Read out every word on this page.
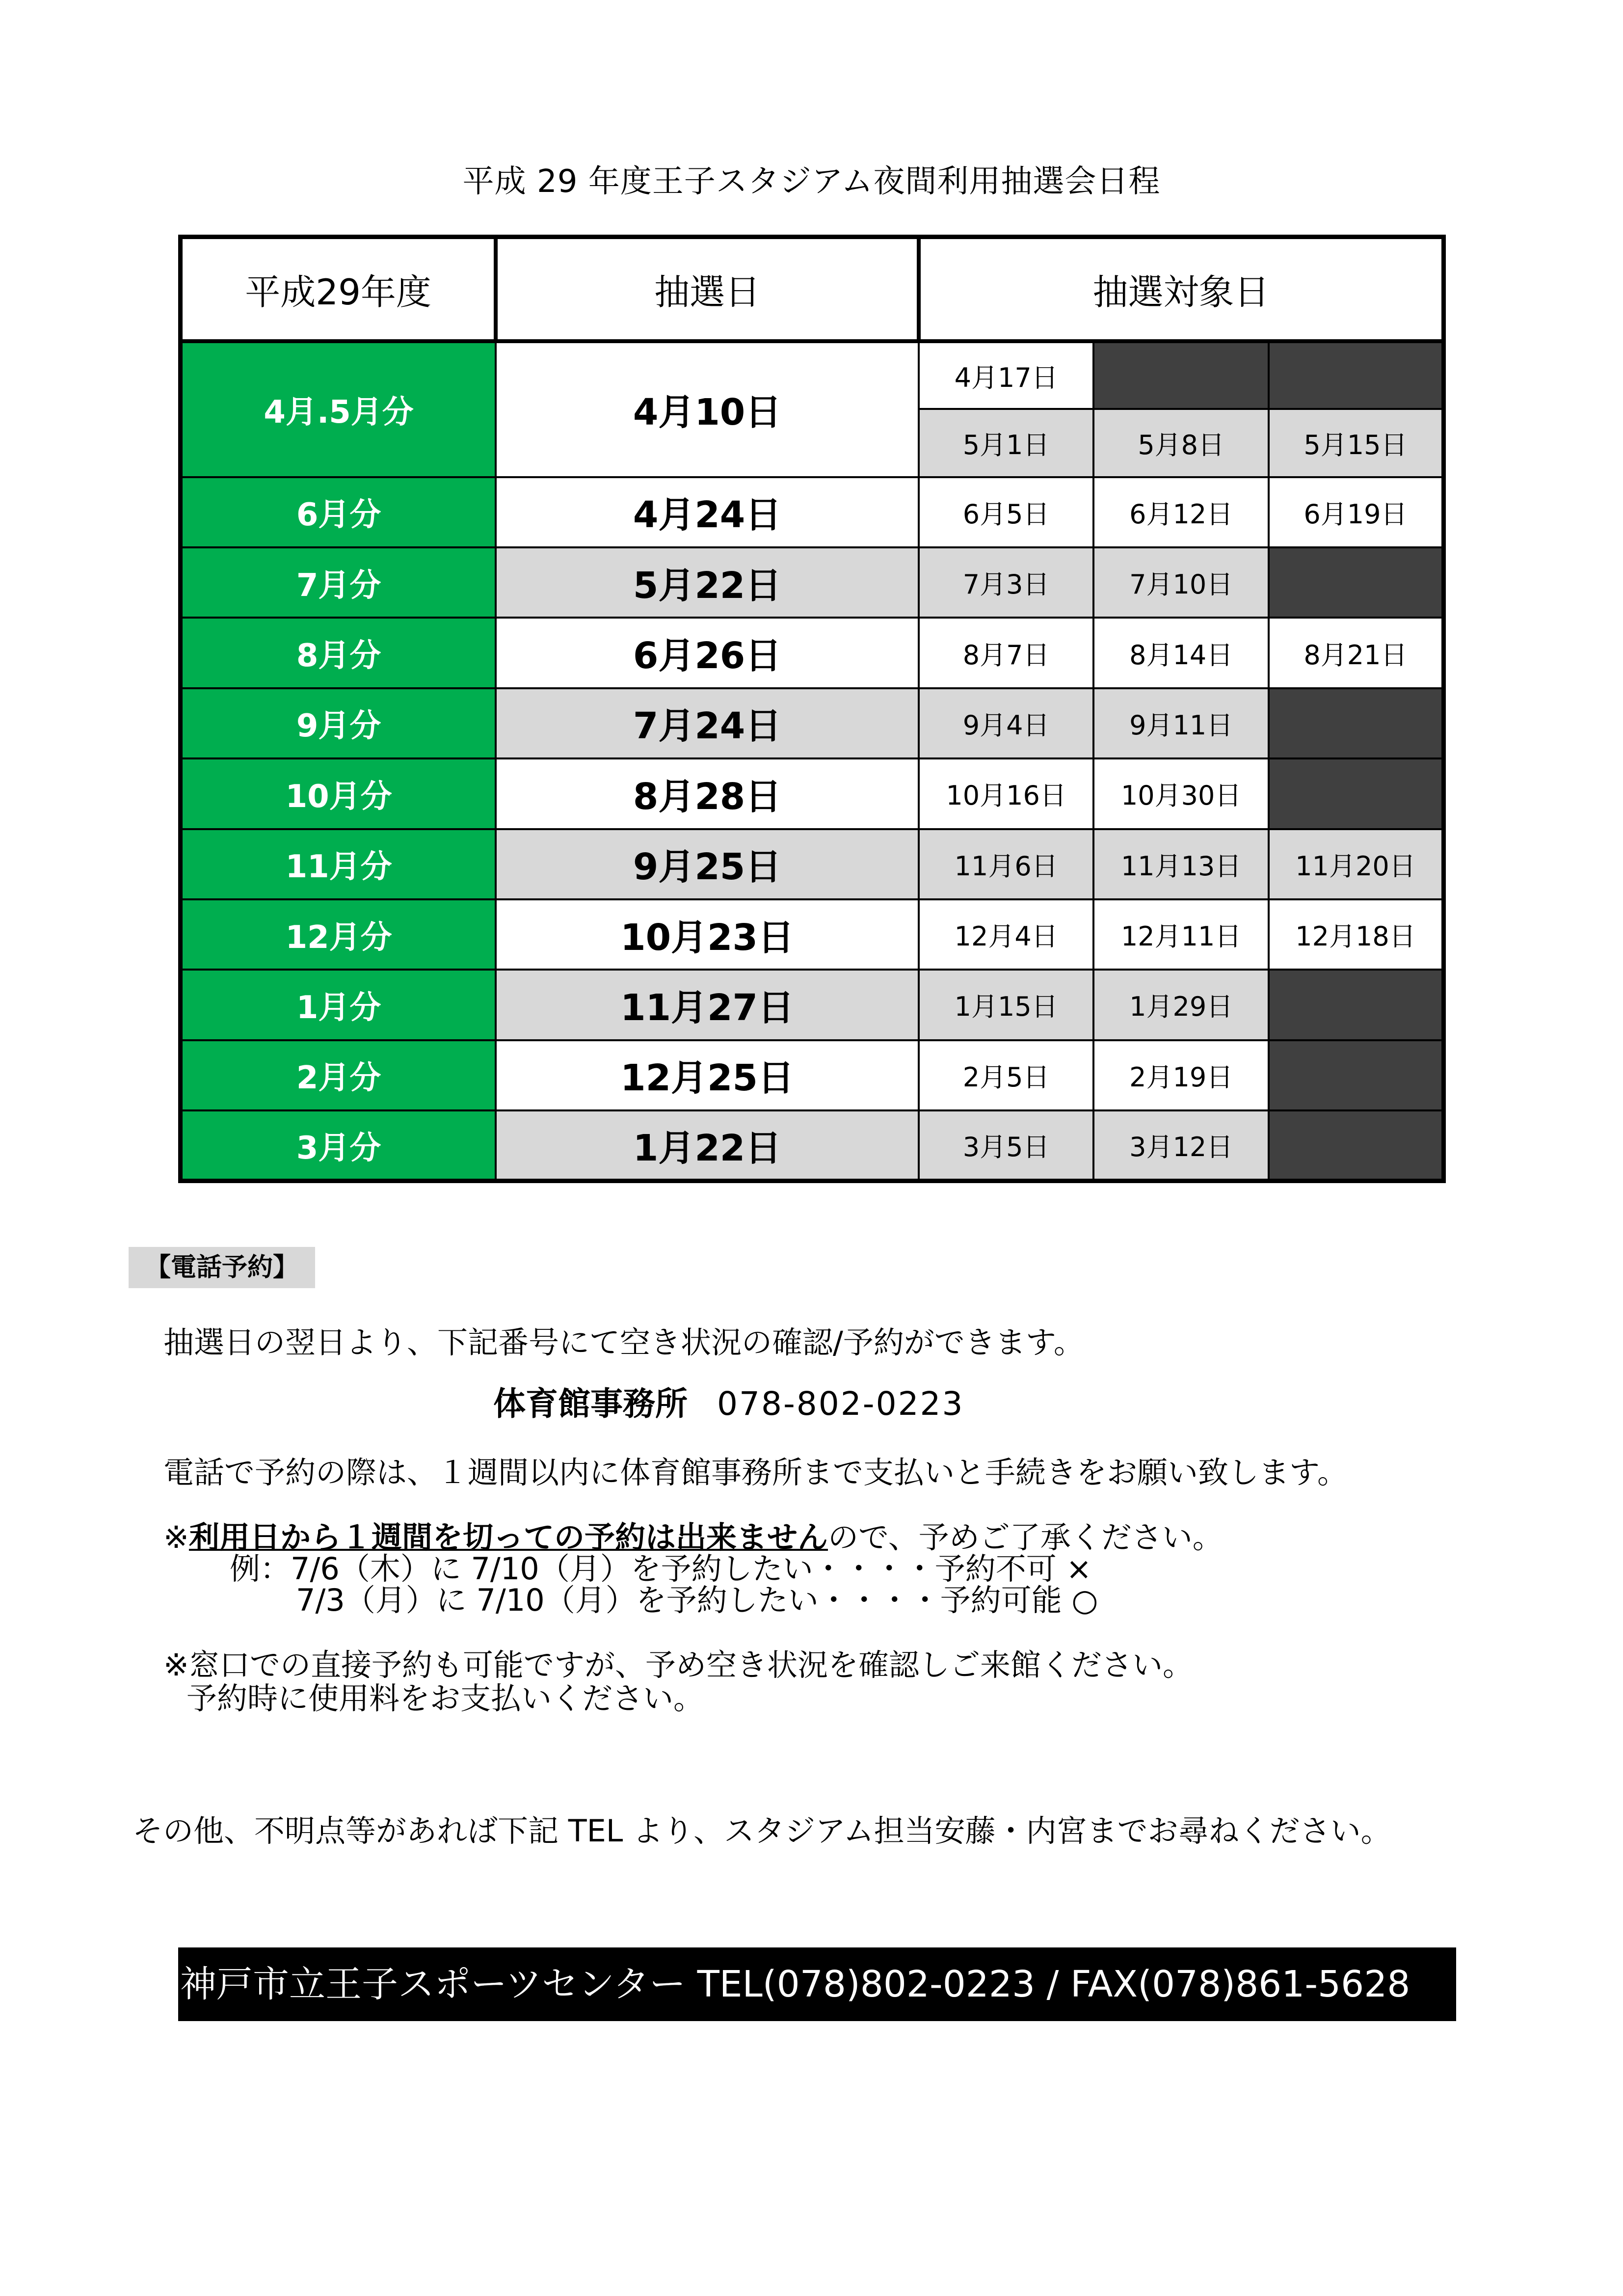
平成 29 年度王子スタジアム夜間利用抽選会日程
平成29年度	抽選日	抽選対象日		
4月.5月分	4月10日	4月17日		
		5月1日	5月8日	5月15日
6月分	4月24日	6月5日	6月12日	6月19日
7月分	5月22日	7月3日	7月10日	
8月分	6月26日	8月7日	8月14日	8月21日
9月分	7月24日	9月4日	9月11日	
10月分	8月28日	10月16日	10月30日	
11月分	9月25日	11月6日	11月13日	11月20日
12月分	10月23日	12月4日	12月11日	12月18日
1月分	11月27日	1月15日	1月29日	
2月分	12月25日	2月5日	2月19日	
3月分	1月22日	3月5日	3月12日	
【電話予約】
抽選日の翌日より、下記番号にて空き状況の確認/予約ができます。
体育館事務所 078-802-0223
電話で予約の際は、１週間以内に体育館事務所まで支払いと手続きをお願い致します。
※利用日から１週間を切っての予約は出来ませんので、予めご了承ください。
例：7/6（木）に 7/10（月）を予約したい・・・・予約不可 ×
7/3（月）に 7/10（月）を予約したい・・・・予約可能 ○
※窓口での直接予約も可能ですが、予め空き状況を確認しご来館ください。
予約時に使用料をお支払いください。
その他、不明点等があれば下記 TEL より、スタジアム担当安藤・内宮までお尋ねください。
神戸市立王子スポーツセンター TEL(078)802-0223 / FAX(078)861-5628
